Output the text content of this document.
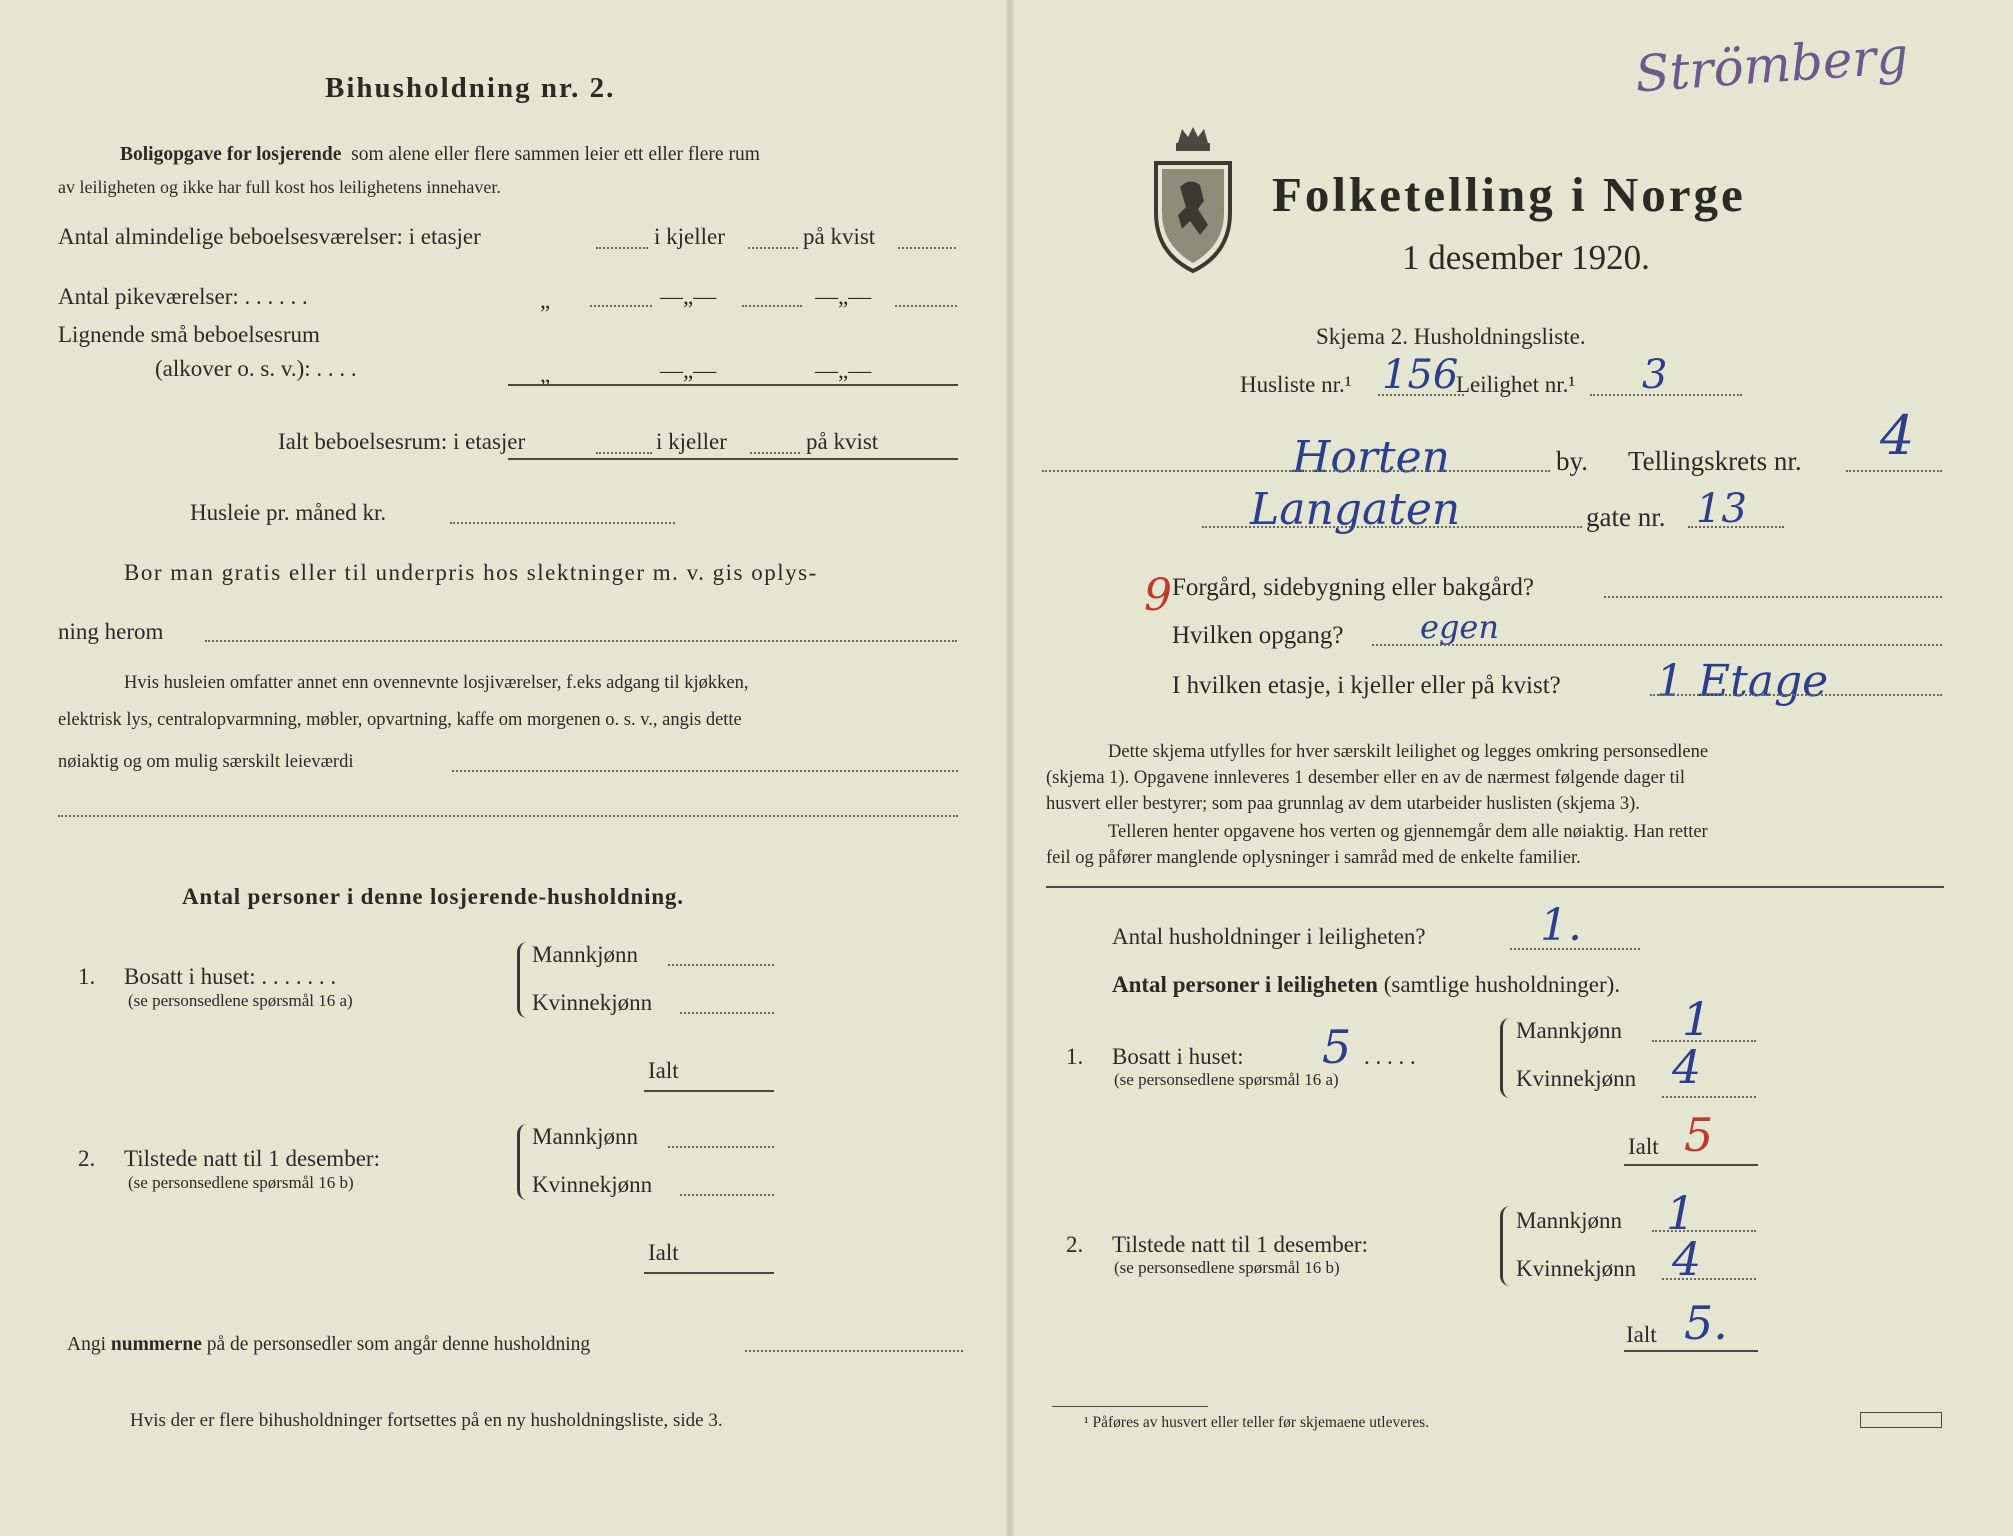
Bihusholdning nr. 2.
Boligopgave for losjerende som alene eller flere sammen leier ett eller flere rum
av leiligheten og ikke har full kost hos leilighetens innehaver.
Antal almindelige beboelsesværelser: i etasjer	i kjeller	på kvist
Antal pikeværelser: . . . . . .	„	—„—	—„—
Lignende små beboelsesrum
(alkover o. s. v.): . . . .	„	—„—	—„—
Ialt beboelsesrum: i etasjer	i kjeller	på kvist
Husleie pr. måned kr.
Bor man gratis eller til underpris hos slektninger m. v. gis oplys-
ning herom
Hvis husleien omfatter annet enn ovennevnte losjiværelser, f.eks adgang til kjøkken,
elektrisk lys, centralopvarmning, møbler, opvartning, kaffe om morgenen o. s. v., angis dette
nøiaktig og om mulig særskilt leieværdi
Antal personer i denne losjerende-husholdning.
1. Bosatt i huset: . . . . . . .
(se personsedlene spørsmål 16 a)
Mannkjønn
Kvinnekjønn
Ialt
2. Tilstede natt til 1 desember:
(se personsedlene spørsmål 16 b)
Mannkjønn
Kvinnekjønn
Ialt
Angi nummerne på de personsedler som angår denne husholdning
Hvis der er flere bihusholdninger fortsettes på en ny husholdningsliste, side 3.
Strömberg
Folketelling i Norge
1 desember 1920.
Skjema 2. Husholdningsliste.
Husliste nr.¹ 156
Leilighet nr.¹ 3
Horten	by. Tellingskrets nr. 4
Langaten	gate nr. 13
9 Forgård, sidebygning eller bakgård?
Hvilken opgang? egen
I hvilken etasje, i kjeller eller på kvist? 1 Etage
Dette skjema utfylles for hver særskilt leilighet og legges omkring personsedlene
(skjema 1). Opgavene innleveres 1 desember eller en av de nærmest følgende dager til
husvert eller bestyrer; som paa grunnlag av dem utarbeider huslisten (skjema 3).
Telleren henter opgavene hos verten og gjennemgår dem alle nøiaktig. Han retter
feil og påfører manglende oplysninger i samråd med de enkelte familier.
Antal husholdninger i leiligheten?	1.
Antal personer i leiligheten (samtlige husholdninger).
1. Bosatt i huset: 5 . . . . .
(se personsedlene spørsmål 16 a)
Mannkjønn 1
Kvinnekjønn 4
Ialt 5
2. Tilstede natt til 1 desember:
(se personsedlene spørsmål 16 b)
Mannkjønn 1
Kvinnekjønn 4
Ialt 5.
¹ Påføres av husvert eller teller før skjemaene utleveres.
